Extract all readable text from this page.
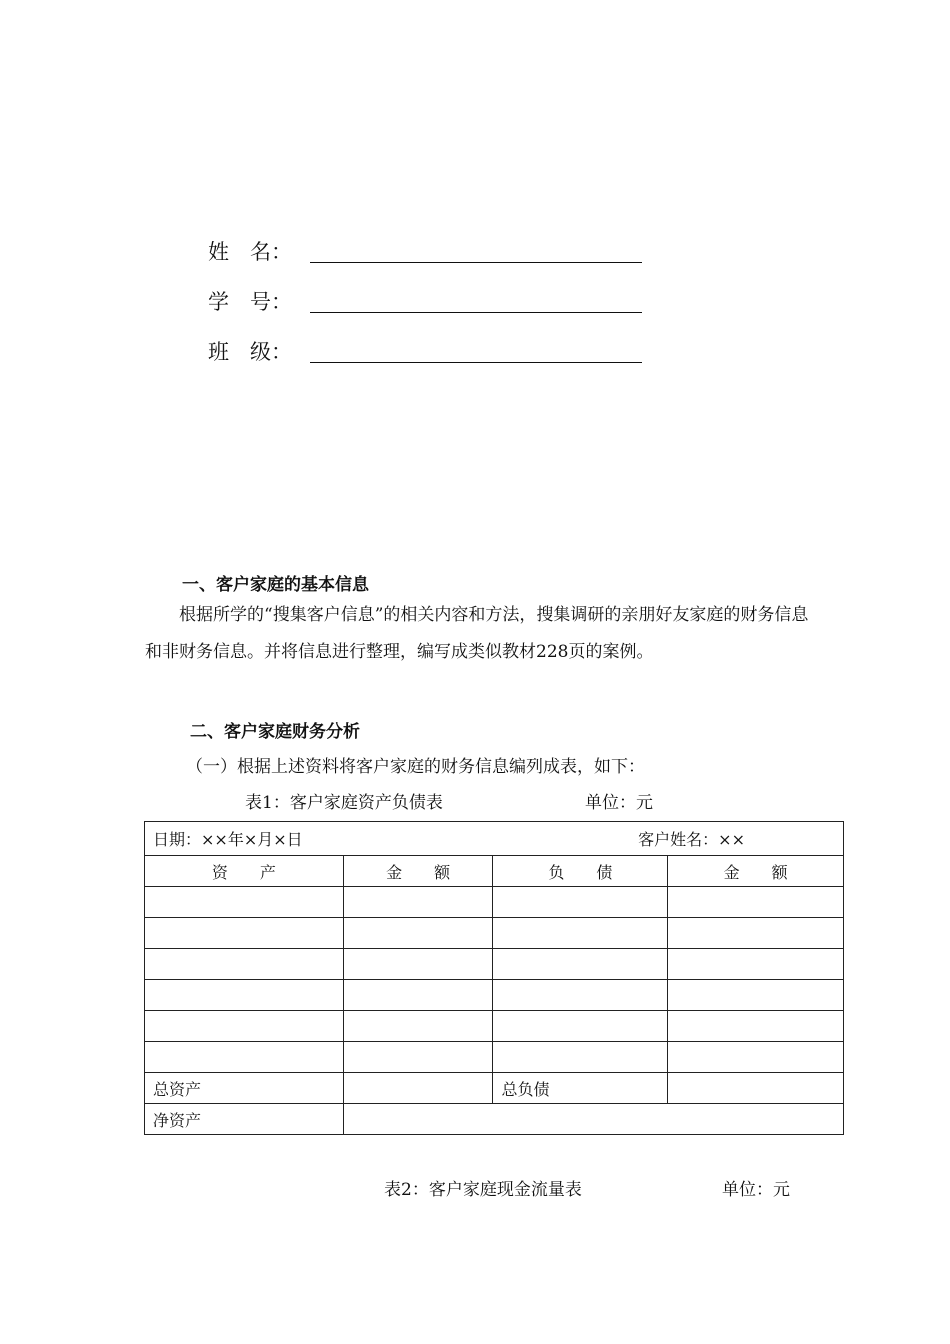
姓　名：
学　号：
班　级：
一、客户家庭的基本信息

根据所学的“搜集客户信息”的相关内容和方法，搜集调研的亲朋好友家庭的财务信息和非财务信息。并将信息进行整理，编写成类似教材228页的案例。

二、客户家庭财务分析
（一）根据上述资料将客户家庭的财务信息编列成表，如下：
表1：客户家庭资产负债表	单位：元
日期：××年×月×日 客户姓名：××			

资　　产	金　　额	负　　债	金　　额

总资产		总负债	
净资产			
表2：客户家庭现金流量表	单位：元
